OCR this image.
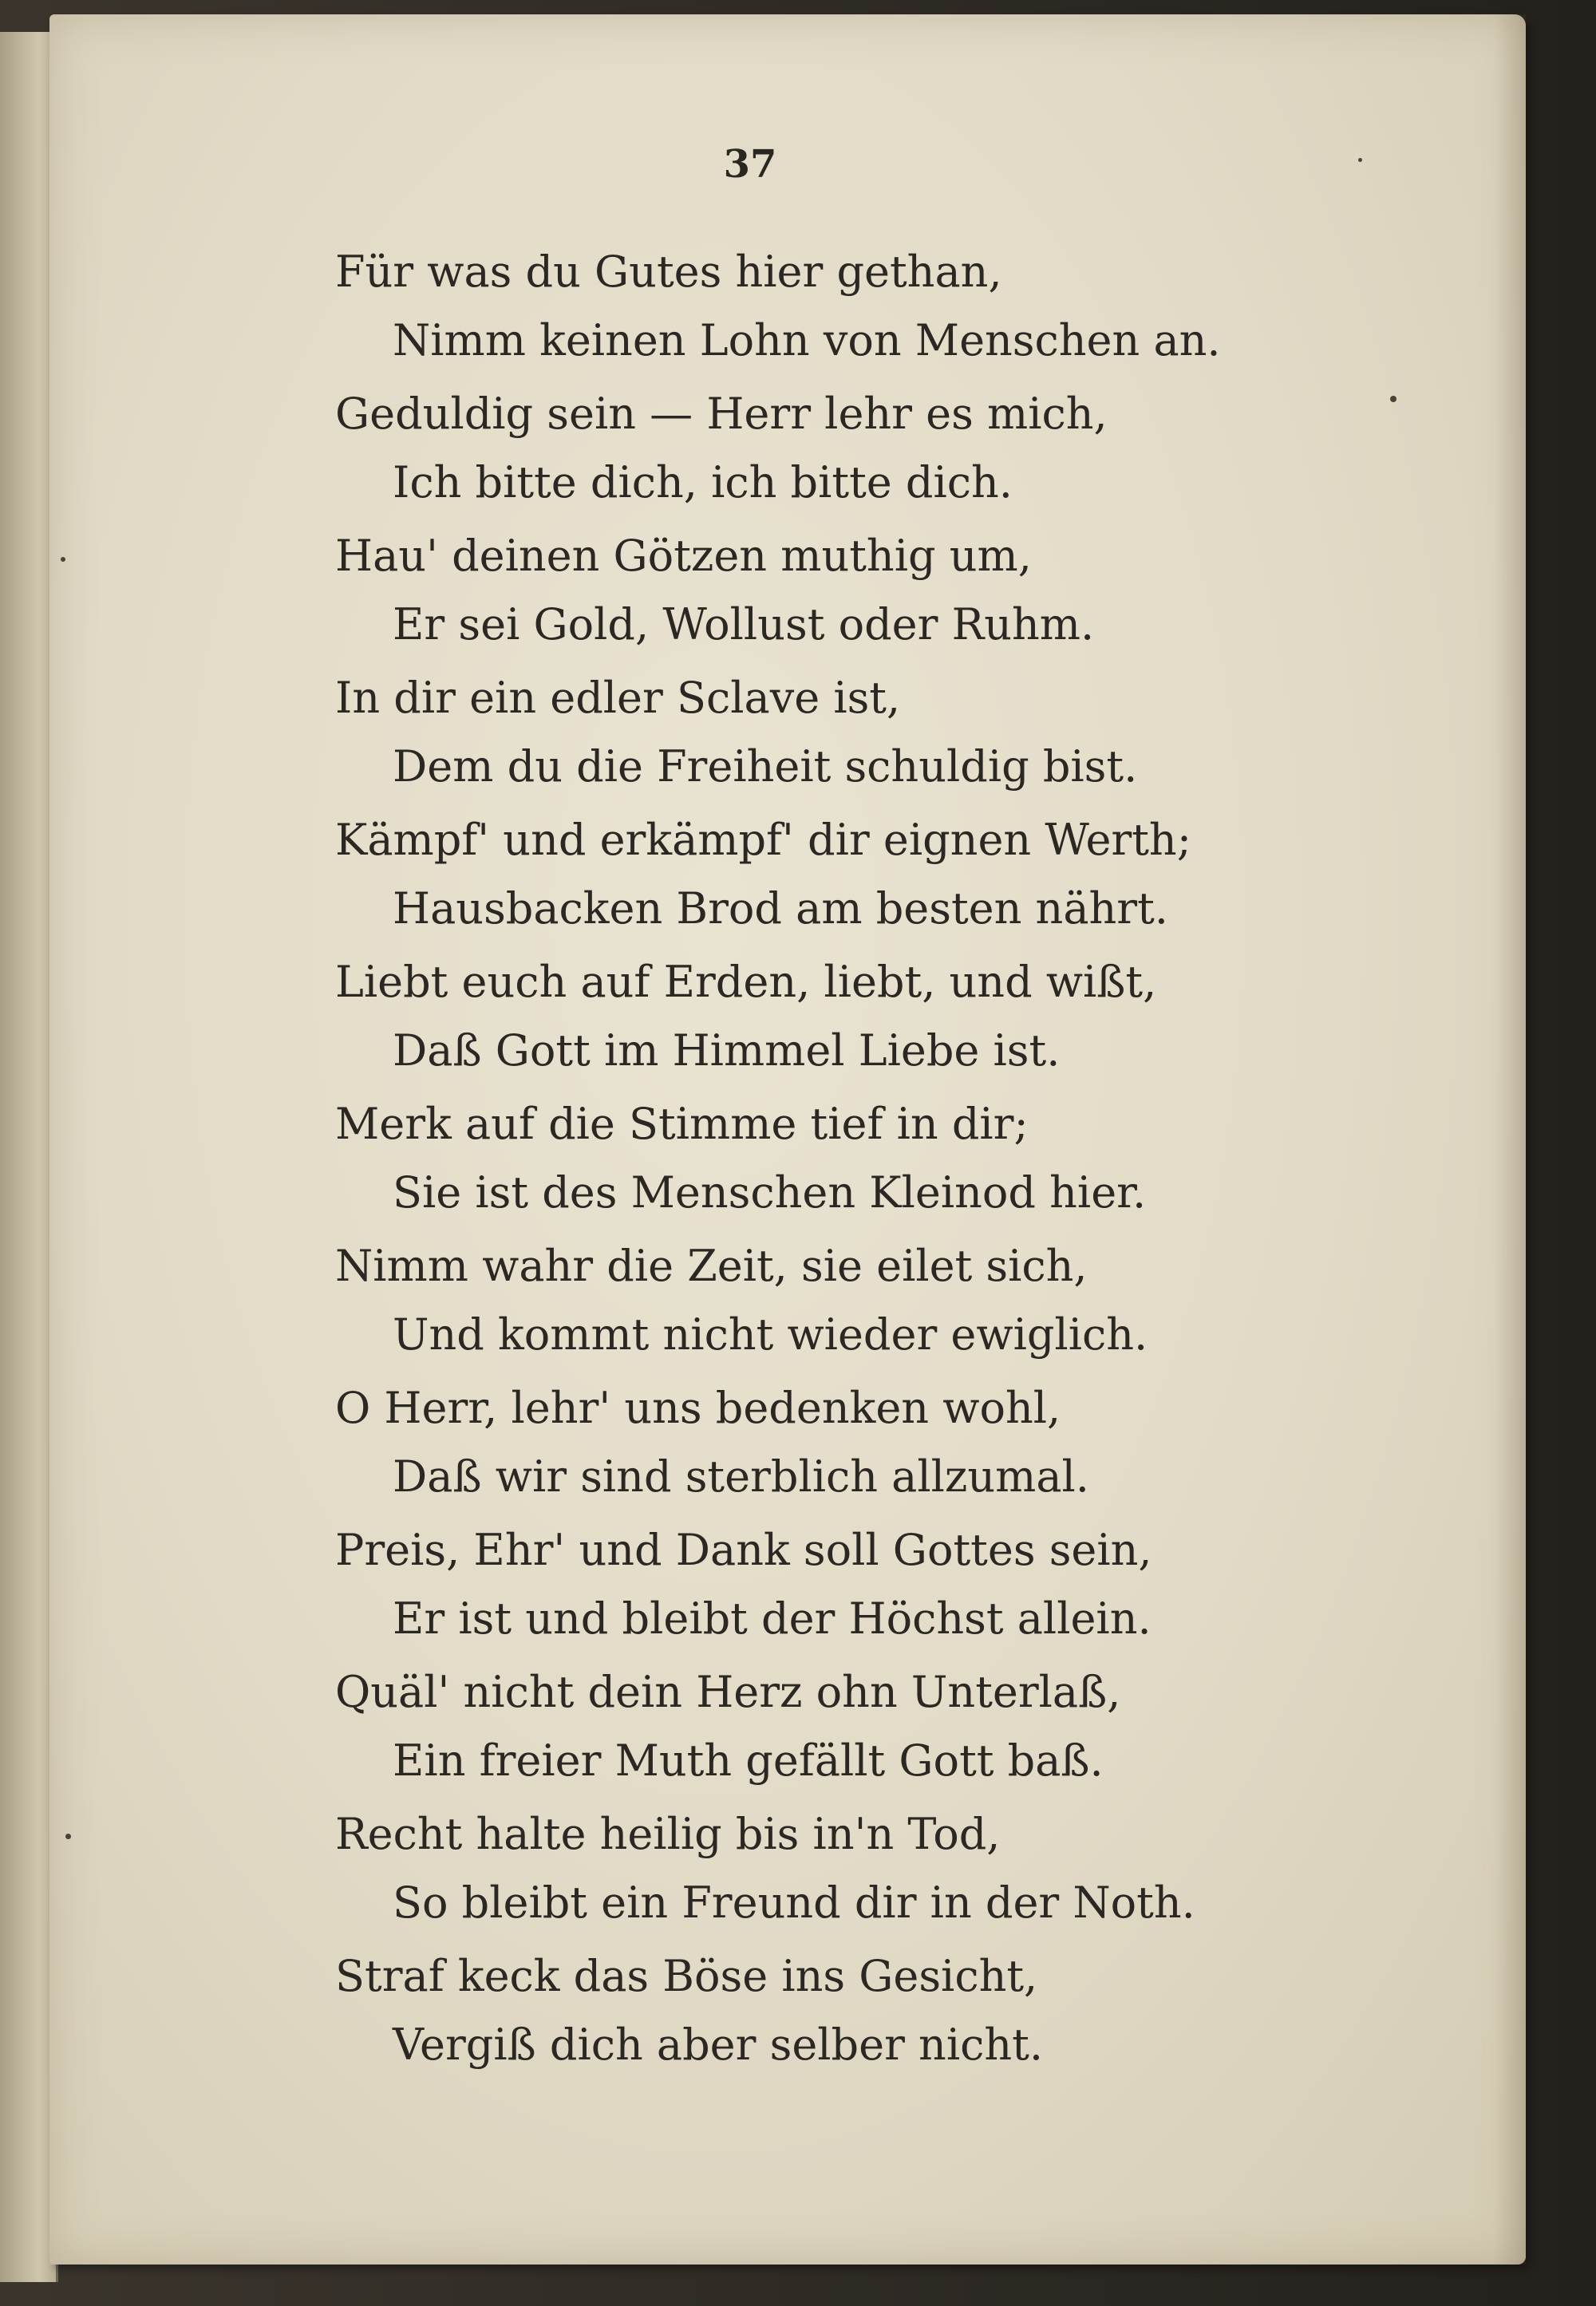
37
Für was du Gutes hier gethan,
Nimm keinen Lohn von Menschen an.
Geduldig sein — Herr lehr es mich,
Ich bitte dich, ich bitte dich.
Hau' deinen Götzen muthig um,
Er sei Gold, Wollust oder Ruhm.
In dir ein edler Sclave ist,
Dem du die Freiheit schuldig bist.
Kämpf' und erkämpf' dir eignen Werth;
Hausbacken Brod am besten nährt.
Liebt euch auf Erden, liebt, und wißt,
Daß Gott im Himmel Liebe ist.
Merk auf die Stimme tief in dir;
Sie ist des Menschen Kleinod hier.
Nimm wahr die Zeit, sie eilet sich,
Und kommt nicht wieder ewiglich.
O Herr, lehr' uns bedenken wohl,
Daß wir sind sterblich allzumal.
Preis, Ehr' und Dank soll Gottes sein,
Er ist und bleibt der Höchst allein.
Quäl' nicht dein Herz ohn Unterlaß,
Ein freier Muth gefällt Gott baß.
Recht halte heilig bis in'n Tod,
So bleibt ein Freund dir in der Noth.
Straf keck das Böse ins Gesicht,
Vergiß dich aber selber nicht.
